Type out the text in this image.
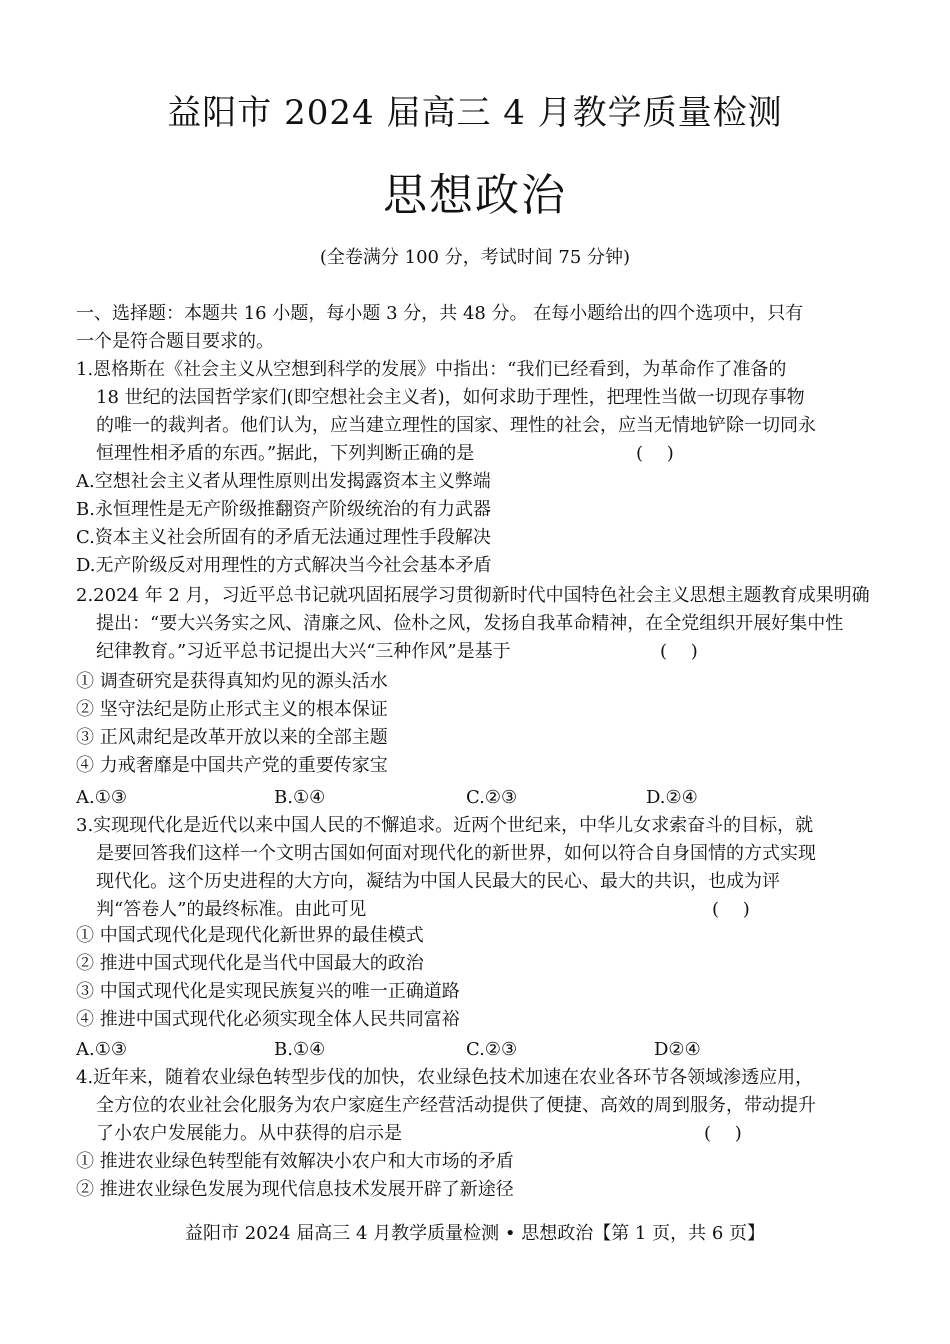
益阳市 2024 届高三 4 月教学质量检测
思想政治
(全卷满分 100 分，考试时间 75 分钟)
一、选择题：本题共 16 小题，每小题 3 分，共 48 分。 在每小题给出的四个选项中，只有
一个是符合题目要求的。
1.恩格斯在《社会主义从空想到科学的发展》中指出：“我们已经看到，为革命作了准备的
18 世纪的法国哲学家们(即空想社会主义者)，如何求助于理性，把理性当做一切现存事物
的唯一的裁判者。他们认为，应当建立理性的国家、理性的社会，应当无情地铲除一切同永
恒理性相矛盾的东西。”据此，下列判断正确的是	(　 )
A.空想社会主义者从理性原则出发揭露资本主义弊端
B.永恒理性是无产阶级推翻资产阶级统治的有力武器
C.资本主义社会所固有的矛盾无法通过理性手段解决
D.无产阶级反对用理性的方式解决当今社会基本矛盾
2.2024 年 2 月，习近平总书记就巩固拓展学习贯彻新时代中国特色社会主义思想主题教育成果明确
提出：“要大兴务实之风、清廉之风、俭朴之风，发扬自我革命精神，在全党组织开展好集中性
纪律教育。”习近平总书记提出大兴“三种作风”是基于	(　 )
① 调查研究是获得真知灼见的源头活水
② 坚守法纪是防止形式主义的根本保证
③ 正风肃纪是改革开放以来的全部主题
④ 力戒奢靡是中国共产党的重要传家宝
A.①③	B.①④	C.②③	D.②④
3.实现现代化是近代以来中国人民的不懈追求。近两个世纪来，中华儿女求索奋斗的目标，就
是要回答我们这样一个文明古国如何面对现代化的新世界，如何以符合自身国情的方式实现
现代化。这个历史进程的大方向，凝结为中国人民最大的民心、最大的共识，也成为评
判“答卷人”的最终标准。由此可见	(　 )
① 中国式现代化是现代化新世界的最佳模式
② 推进中国式现代化是当代中国最大的政治
③ 中国式现代化是实现民族复兴的唯一正确道路
④ 推进中国式现代化必须实现全体人民共同富裕
A.①③	B.①④	C.②③	D②④
4.近年来，随着农业绿色转型步伐的加快，农业绿色技术加速在农业各环节各领域渗透应用，
全方位的农业社会化服务为农户家庭生产经营活动提供了便捷、高效的周到服务，带动提升
了小农户发展能力。从中获得的启示是	(　 )
① 推进农业绿色转型能有效解决小农户和大市场的矛盾
② 推进农业绿色发展为现代信息技术发展开辟了新途径
益阳市 2024 届高三 4 月教学质量检测 • 思想政治【第 1 页，共 6 页】
